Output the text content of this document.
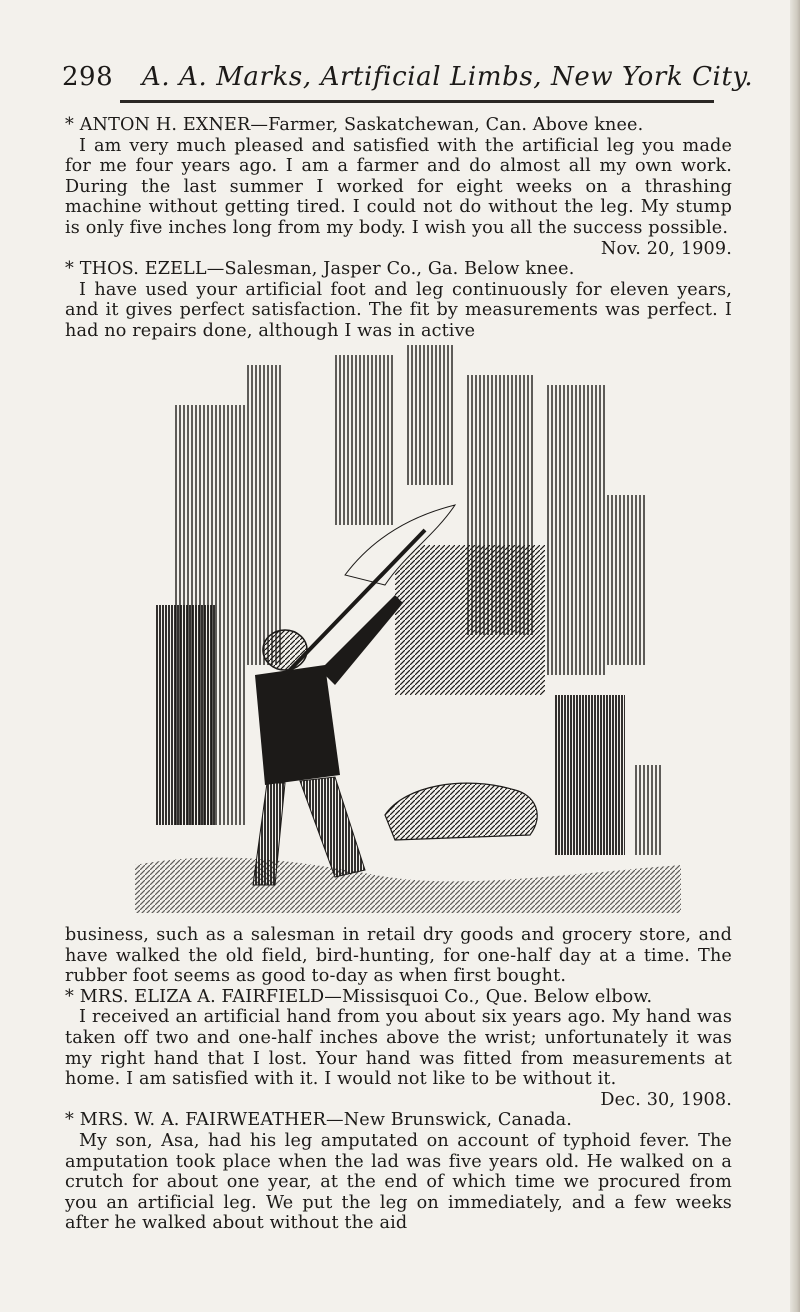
298 A. A. Marks, Artificial Limbs, New York City.

* ANTON H. EXNER—Farmer, Saskatchewan, Can. Above knee.

I am very much pleased and satisfied with the artificial leg you made for me four years ago. I am a farmer and do almost all my own work. During the last summer I worked for eight weeks on a thrashing machine without getting tired. I could not do without the leg. My stump is only five inches long from my body. I wish you all the success possible.
Nov. 20, 1909.

* THOS. EZELL—Salesman, Jasper Co., Ga. Below knee.

I have used your artificial foot and leg continuously for eleven years, and it gives perfect satisfaction. The fit by measurements was perfect. I had no repairs done, although I was in active

business, such as a salesman in retail dry goods and grocery store, and have walked the old field, bird-hunting, for one-half day at a time. The rubber foot seems as good to-day as when first bought.

* MRS. ELIZA A. FAIRFIELD—Missisquoi Co., Que. Below elbow.

I received an artificial hand from you about six years ago. My hand was taken off two and one-half inches above the wrist; unfortunately it was my right hand that I lost. Your hand was fitted from measurements at home. I am satisfied with it. I would not like to be without it.
Dec. 30, 1908.

* MRS. W. A. FAIRWEATHER—New Brunswick, Canada.

My son, Asa, had his leg amputated on account of typhoid fever. The amputation took place when the lad was five years old. He walked on a crutch for about one year, at the end of which time we procured from you an artificial leg. We put the leg on immediately, and a few weeks after he walked about without the aid
